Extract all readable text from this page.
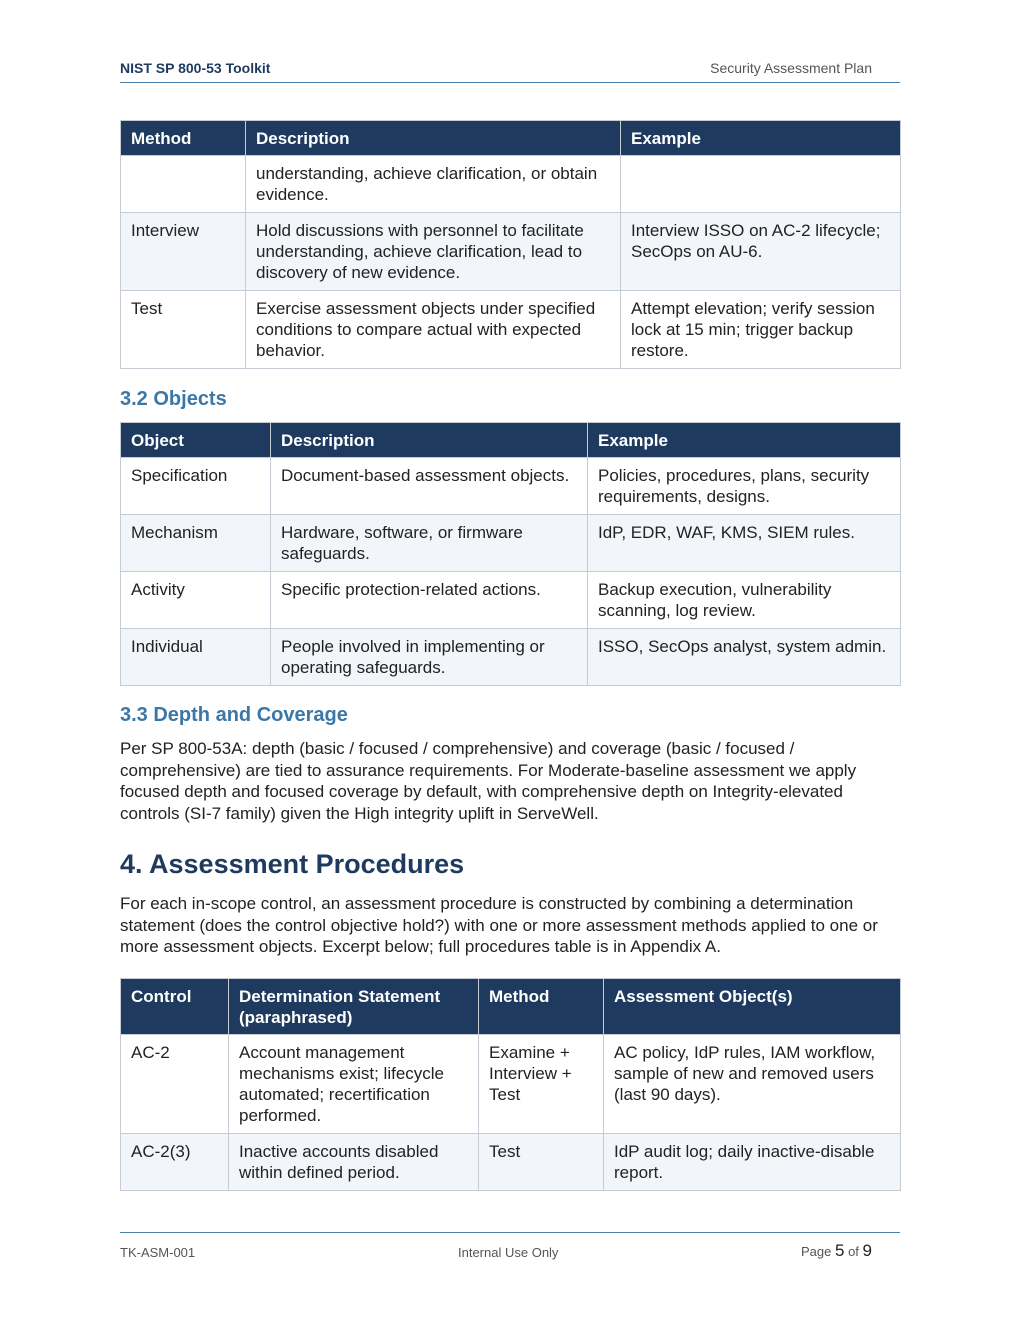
NIST SP 800-53 Toolkit	Security Assessment Plan
Method	Description	Example
	understanding, achieve clarification, or obtain evidence.	
Interview	Hold discussions with personnel to facilitate understanding, achieve clarification, lead to discovery of new evidence.	Interview ISSO on AC-2 lifecycle; SecOps on AU-6.
Test	Exercise assessment objects under specified conditions to compare actual with expected behavior.	Attempt elevation; verify session lock at 15 min; trigger backup restore.
3.2 Objects
Object	Description	Example
Specification	Document-based assessment objects.	Policies, procedures, plans, security requirements, designs.
Mechanism	Hardware, software, or firmware safeguards.	IdP, EDR, WAF, KMS, SIEM rules.
Activity	Specific protection-related actions.	Backup execution, vulnerability scanning, log review.
Individual	People involved in implementing or operating safeguards.	ISSO, SecOps analyst, system admin.
3.3 Depth and Coverage

Per SP 800-53A: depth (basic / focused / comprehensive) and coverage (basic / focused / comprehensive) are tied to assurance requirements. For Moderate-baseline assessment we apply focused depth and focused coverage by default, with comprehensive depth on Integrity-elevated controls (SI-7 family) given the High integrity uplift in ServeWell.

4. Assessment Procedures

For each in-scope control, an assessment procedure is constructed by combining a determination statement (does the control objective hold?) with one or more assessment methods applied to one or more assessment objects. Excerpt below; full procedures table is in Appendix A.

Control	Determination Statement (paraphrased)	Method	Assessment Object(s)
AC-2	Account management mechanisms exist; lifecycle automated; recertification performed.	Examine + Interview + Test	AC policy, IdP rules, IAM workflow, sample of new and removed users (last 90 days).
AC-2(3)	Inactive accounts disabled within defined period.	Test	IdP audit log; daily inactive-disable report.
TK-ASM-001	Internal Use Only	Page 5 of 9
